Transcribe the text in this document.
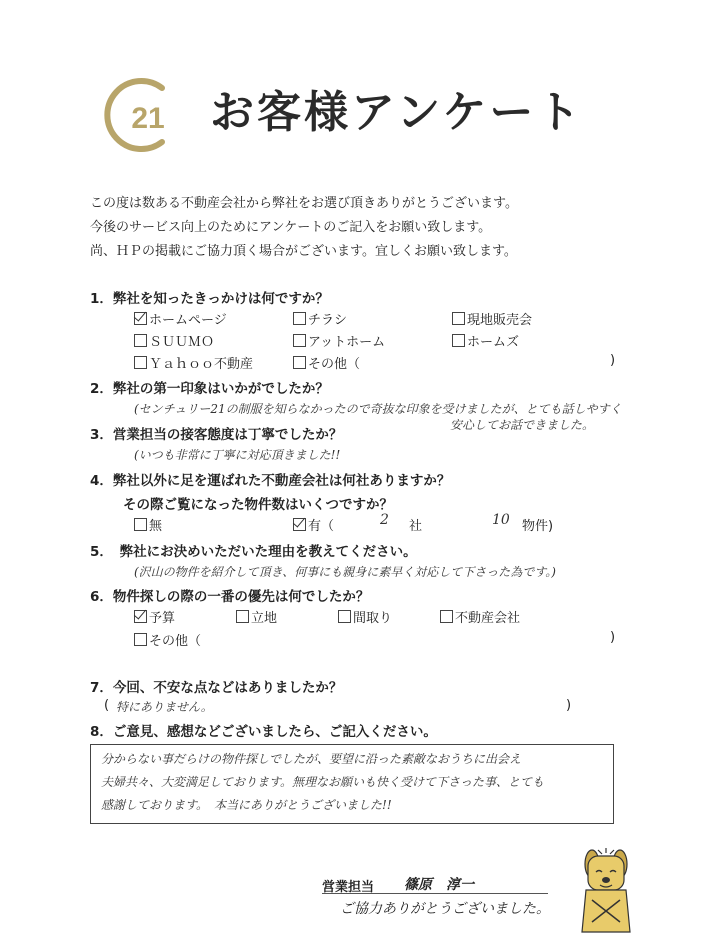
21 お客様アンケート
この度は数ある不動産会社から弊社をお選び頂きありがとうございます。
今後のサービス向上のためにアンケートのご記入をお願い致します。
尚、ＨＰの掲載にご協力頂く場合がございます。宜しくお願い致します。
1．弊社を知ったきっかけは何ですか？
ホームページ	チラシ	現地販売会
ＳＵＵＭＯ	アットホーム	ホームズ
Ｙａｈｏｏ不動産	その他（	)
2．弊社の第一印象はいかがでしたか？
(センチュリー21の制服を知らなかったので奇抜な印象を受けましたが、とても話しやすく
安心してお話できました。
3．営業担当の接客態度は丁寧でしたか？
(いつも非常に丁寧に対応頂きました!!
4．弊社以外に足を運ばれた不動産会社は何社ありますか？
その際ご覧になった物件数はいくつですか？
無	有（	2 社	10 物件)
5．　弊社にお決めいただいた理由を教えてください。
(沢山の物件を紹介して頂き、何事にも親身に素早く対応して下さった為です。)
6．物件探しの際の一番の優先は何でしたか？
予算	立地	間取り	不動産会社
その他（	)
7．今回、不安な点などはありましたか？
( 特にありません。	)
8．ご意見、感想などございましたら、ご記入ください。
分からない事だらけの物件探しでしたが、要望に沿った素敵なおうちに出会え
夫婦共々、大変満足しております。無理なお願いも快く受けて下さった事、とても
感謝しております。　本当にありがとうございました!!
営業担当 篠原　淳一
ご協力ありがとうございました。
